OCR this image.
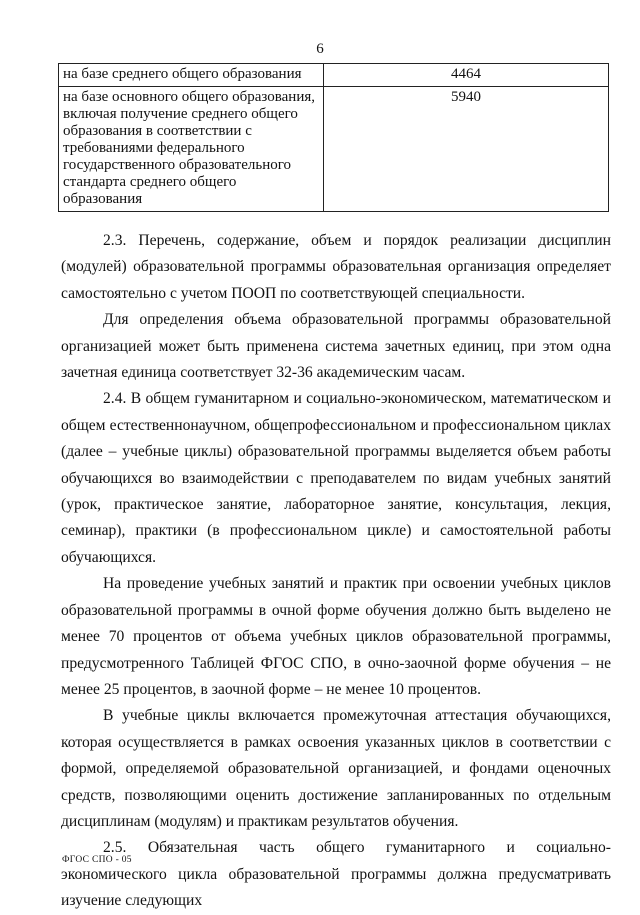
6
на базе среднего общего образования	4464
на базе основного общего образования, включая получение среднего общего образования в соответствии с требованиями федерального государственного образовательного стандарта среднего общего образования	5940

2.3. Перечень, содержание, объем и порядок реализации дисциплин (модулей) образовательной программы образовательная организация определяет самостоятельно с учетом ПООП по соответствующей специальности.

Для определения объема образовательной программы образовательной организацией может быть применена система зачетных единиц, при этом одна зачетная единица соответствует 32-36 академическим часам.

2.4. В общем гуманитарном и социально-экономическом, математическом и общем естественнонаучном, общепрофессиональном и профессиональном циклах (далее – учебные циклы) образовательной программы выделяется объем работы обучающихся во взаимодействии с преподавателем по видам учебных занятий (урок, практическое занятие, лабораторное занятие, консультация, лекция, семинар), практики (в профессиональном цикле) и самостоятельной работы обучающихся.

На проведение учебных занятий и практик при освоении учебных циклов образовательной программы в очной форме обучения должно быть выделено не менее 70 процентов от объема учебных циклов образовательной программы, предусмотренного Таблицей ФГОС СПО, в очно-заочной форме обучения – не менее 25 процентов, в заочной форме – не менее 10 процентов.

В учебные циклы включается промежуточная аттестация обучающихся, которая осуществляется в рамках освоения указанных циклов в соответствии с формой, определяемой образовательной организацией, и фондами оценочных средств, позволяющими оценить достижение запланированных по отдельным дисциплинам (модулям) и практикам результатов обучения.

2.5. Обязательная часть общего гуманитарного и социально-экономического цикла образовательной программы должна предусматривать изучение следующих

ФГОС СПО - 05
